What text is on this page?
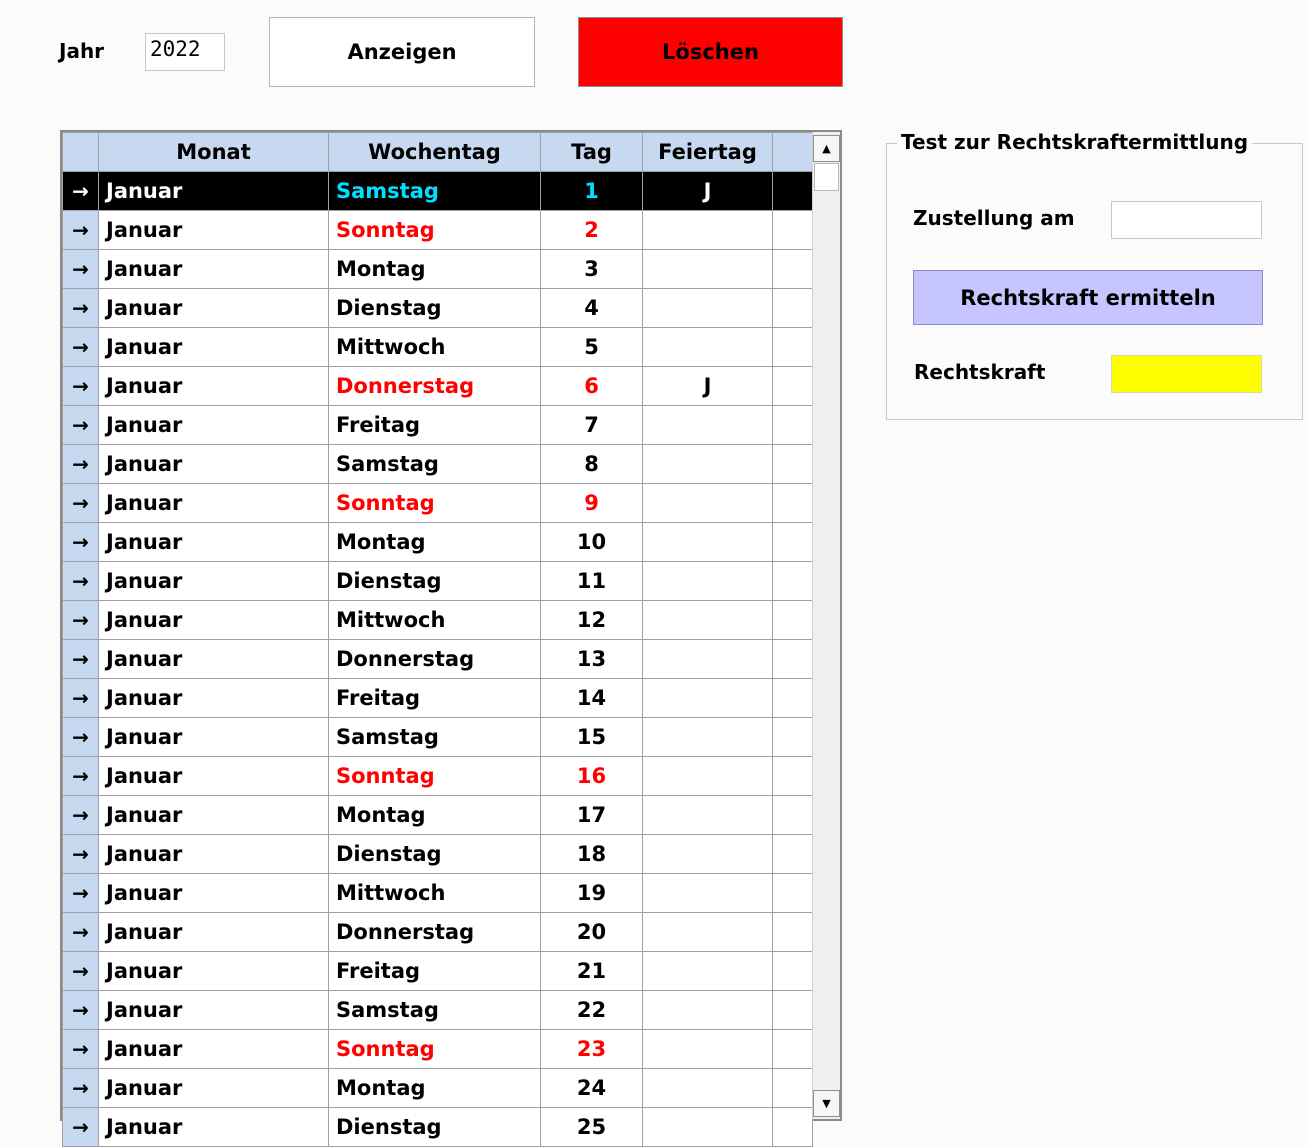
Jahr 2022	Anzeigen	Löschen
	Monat	Wochentag	Tag	Feiertag	
→	Januar	Samstag	1	J	
→	Januar	Sonntag	2		
→	Januar	Montag	3		
→	Januar	Dienstag	4		
→	Januar	Mittwoch	5		
→	Januar	Donnerstag	6	J	
→	Januar	Freitag	7		
→	Januar	Samstag	8		
→	Januar	Sonntag	9		
→	Januar	Montag	10		
→	Januar	Dienstag	11		
→	Januar	Mittwoch	12		
→	Januar	Donnerstag	13		
→	Januar	Freitag	14		
→	Januar	Samstag	15		
→	Januar	Sonntag	16		
→	Januar	Montag	17		
→	Januar	Dienstag	18		
→	Januar	Mittwoch	19		
→	Januar	Donnerstag	20		
→	Januar	Freitag	21		
→	Januar	Samstag	22		
→	Januar	Sonntag	23		
→	Januar	Montag	24		
→	Januar	Dienstag	25		
▲
▼
Test zur Rechtskraftermittlung
Zustellung am
Rechtskraft ermitteln
Rechtskraft
